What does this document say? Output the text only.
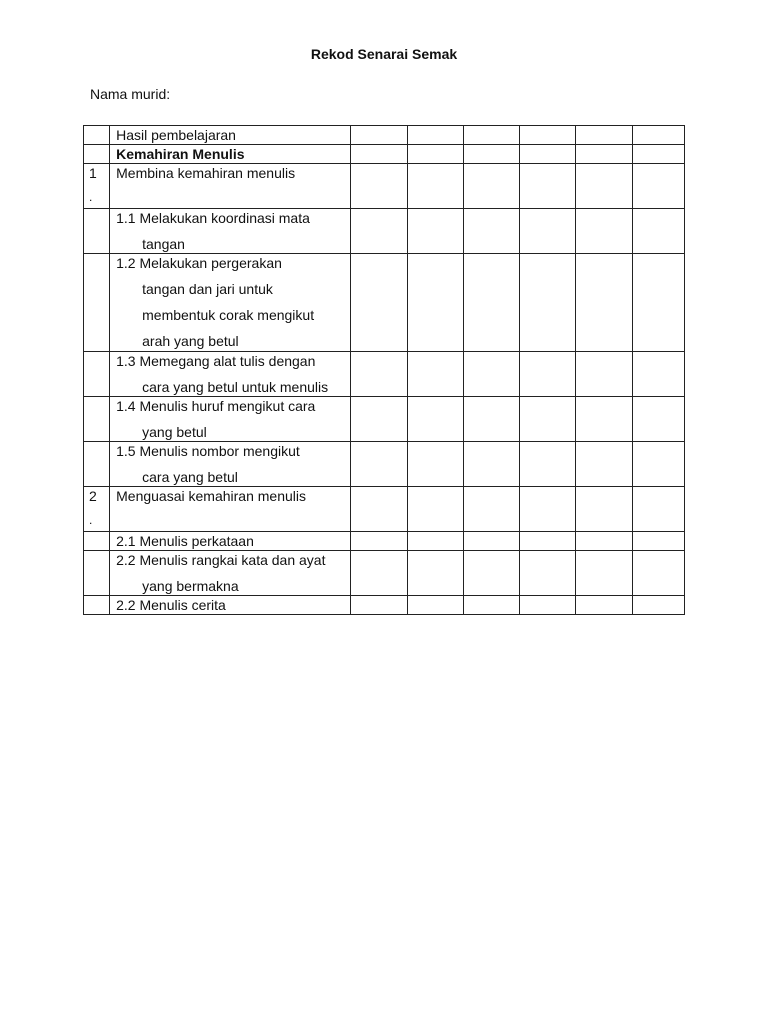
Rekod Senarai Semak
Nama murid:
	Hasil pembelajaran						
	Kemahiran Menulis						

1
.	Membina kemahiran menulis						

	1.1 Melakukan koordinasi mata
tangan						

	1.2 Melakukan pergerakan
tangan dan jari untuk
membentuk corak mengikut
arah yang betul						

	1.3 Memegang alat tulis dengan
cara yang betul untuk menulis						

	1.4 Menulis huruf mengikut cara
yang betul						

	1.5 Menulis nombor mengikut
cara yang betul						

2
.	Menguasai kemahiran menulis						

	2.1 Menulis perkataan						

	2.2 Menulis rangkai kata dan ayat
yang bermakna						

	2.2 Menulis cerita						
